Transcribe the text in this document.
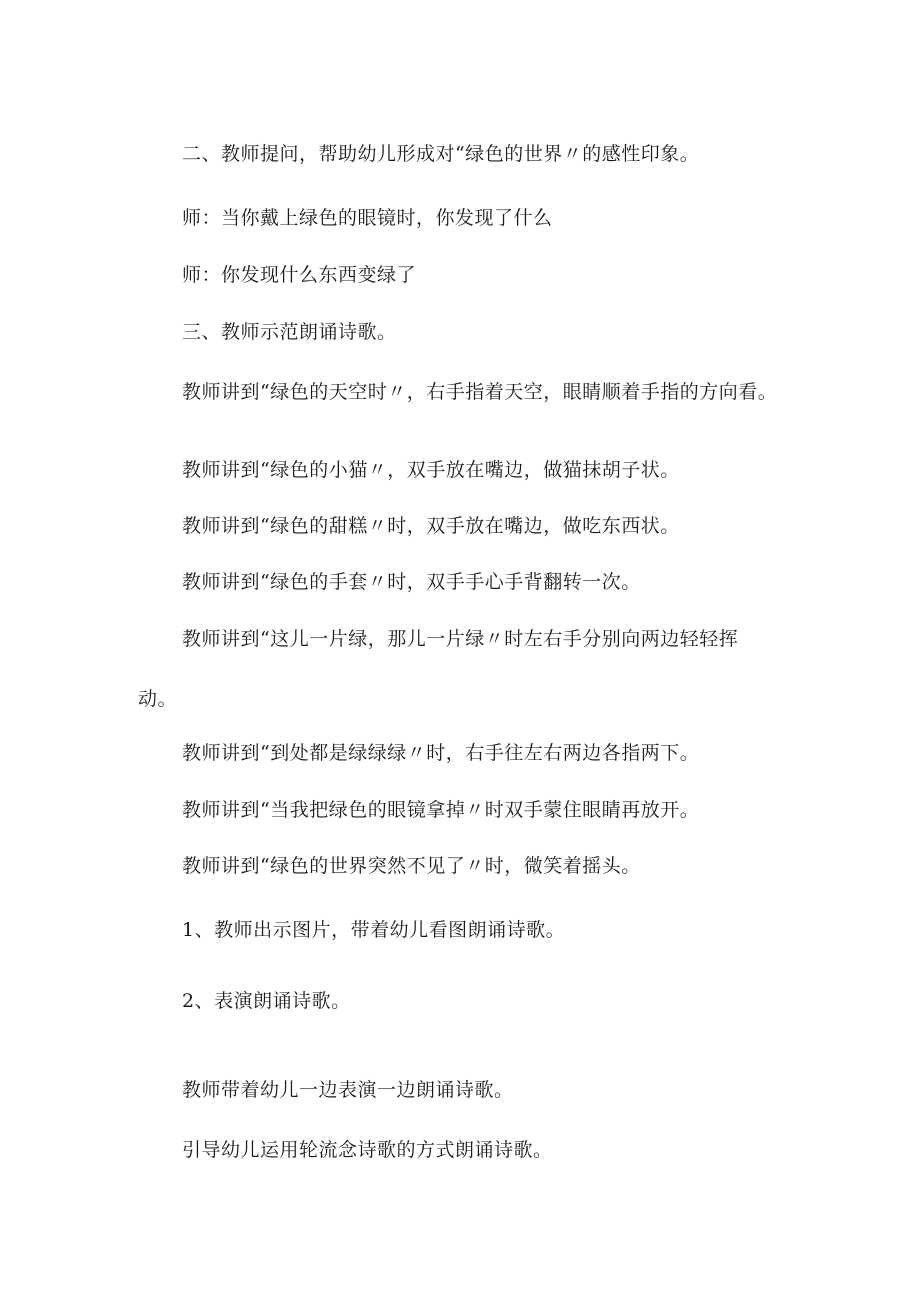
二、教师提问，帮助幼儿形成对“绿色的世界〃的感性印象。
师：当你戴上绿色的眼镜时，你发现了什么
师：你发现什么东西变绿了
三、教师示范朗诵诗歌。
教师讲到“绿色的天空时〃，右手指着天空，眼睛顺着手指的方向看。
教师讲到“绿色的小猫〃，双手放在嘴边，做猫抹胡子状。
教师讲到“绿色的甜糕〃时，双手放在嘴边，做吃东西状。
教师讲到“绿色的手套〃时，双手手心手背翻转一次。
教师讲到“这儿一片绿，那儿一片绿〃时左右手分别向两边轻轻挥
动。
教师讲到“到处都是绿绿绿〃时，右手往左右两边各指两下。
教师讲到“当我把绿色的眼镜拿掉〃时双手蒙住眼睛再放开。
教师讲到“绿色的世界突然不见了〃时，微笑着摇头。
1、教师出示图片，带着幼儿看图朗诵诗歌。
2、表演朗诵诗歌。
教师带着幼儿一边表演一边朗诵诗歌。
引导幼儿运用轮流念诗歌的方式朗诵诗歌。
